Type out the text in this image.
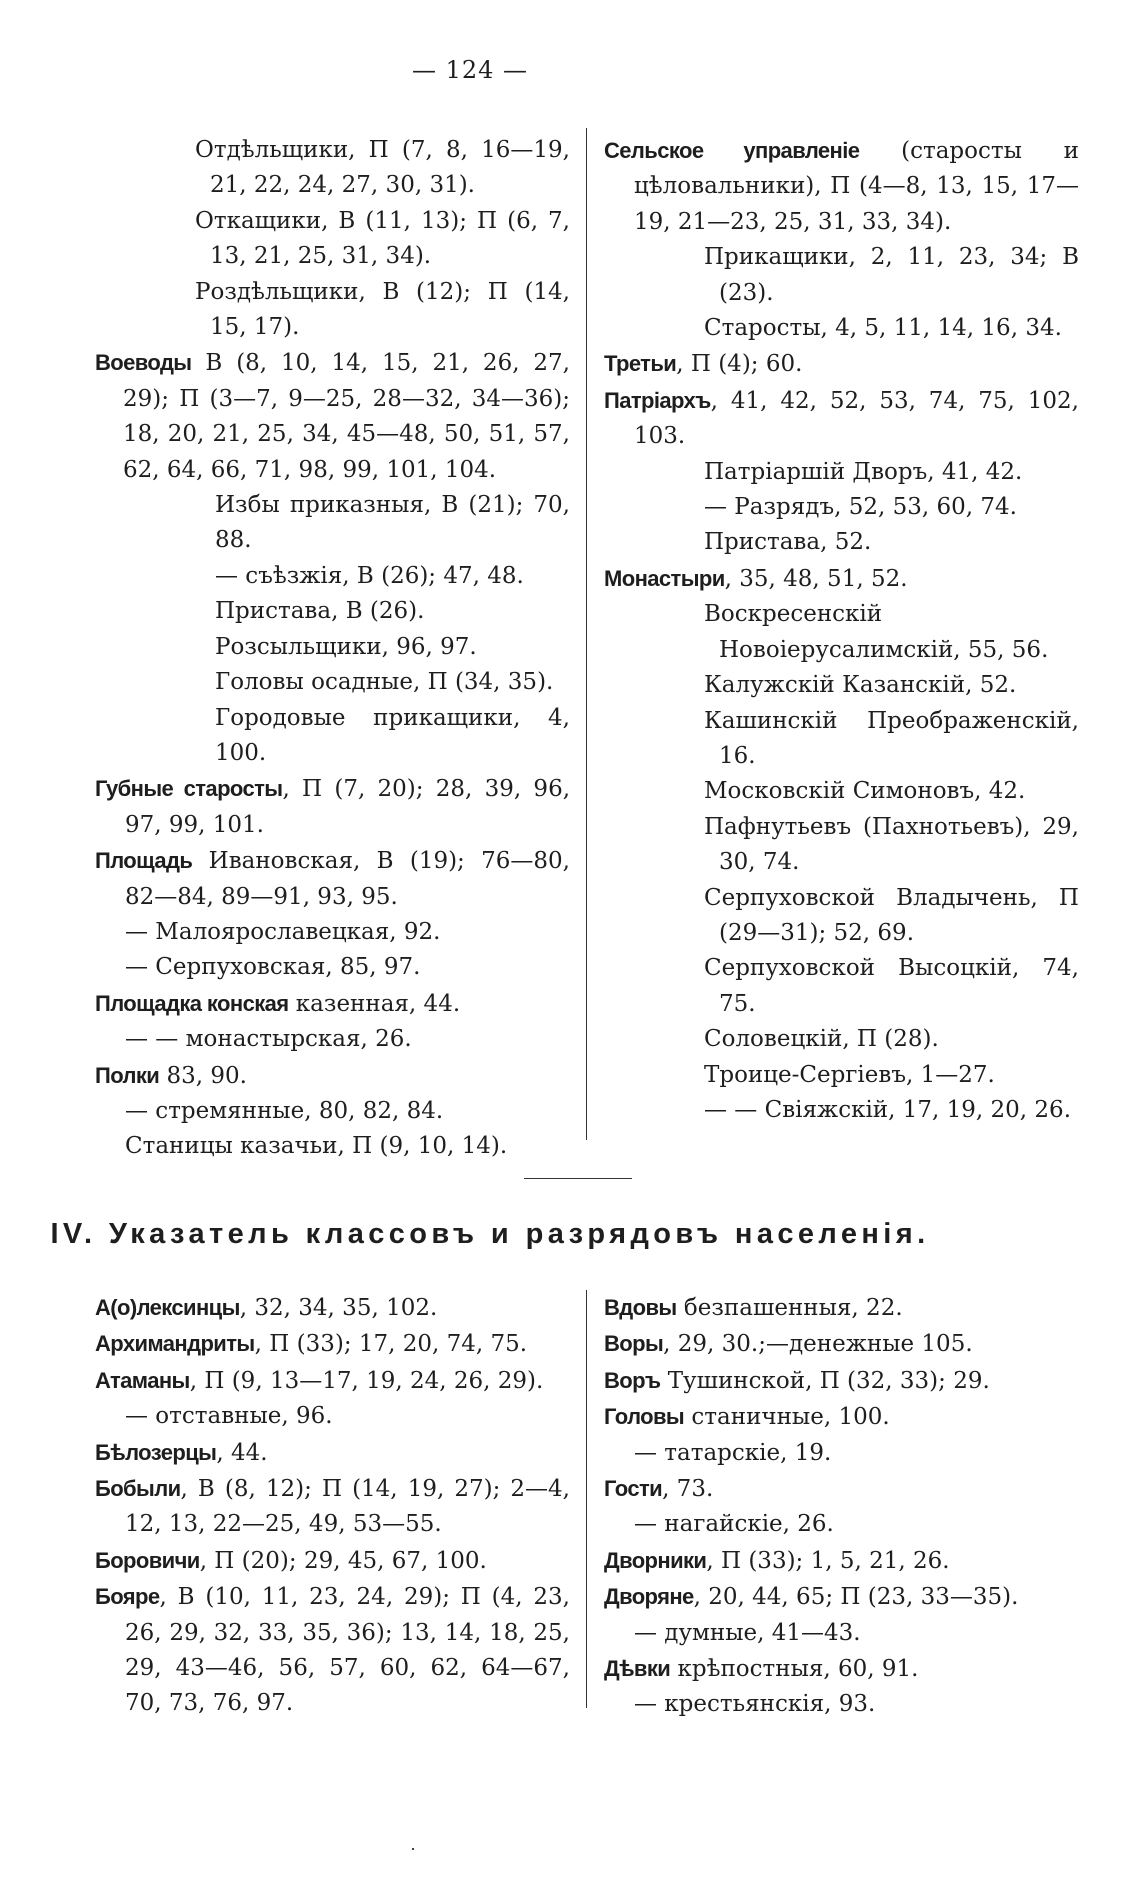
— 124 —
Отдѣльщики, П (7, 8, 16—19, 21, 22, 24, 27, 30, 31).
Откащики, В (11, 13); П (6, 7, 13, 21, 25, 31, 34).
Роздѣльщики, В (12); П (14, 15, 17).
Воеводы В (8, 10, 14, 15, 21, 26, 27, 29); П (3—7, 9—25, 28—32, 34—36); 18, 20, 21, 25, 34, 45—48, 50, 51, 57, 62, 64, 66, 71, 98, 99, 101, 104.
Избы приказныя, В (21); 70, 88.
— съѣзжія, В (26); 47, 48.
Пристава, В (26).
Розсыльщики, 96, 97.
Головы осадные, П (34, 35).
Городовые прикащики, 4, 100.
Губные старосты, П (7, 20); 28, 39, 96, 97, 99, 101.
Площадь Ивановская, В (19); 76—80, 82—84, 89—91, 93, 95.
— Малоярославецкая, 92.
— Серпуховская, 85, 97.
Площадка конская казенная, 44.
— — монастырская, 26.
Полки 83, 90.
— стремянные, 80, 82, 84.
Станицы казачьи, П (9, 10, 14).
Сельское управленіе (старосты и цѣловальники), П (4—8, 13, 15, 17—19, 21—23, 25, 31, 33, 34).
Прикащики, 2, 11, 23, 34; В (23).
Старосты, 4, 5, 11, 14, 16, 34.
Третьи, П (4); 60.
Патріархъ, 41, 42, 52, 53, 74, 75, 102, 103.
Патріаршій Дворъ, 41, 42.
— Разрядъ, 52, 53, 60, 74.
Пристава, 52.
Монастыри, 35, 48, 51, 52.
Воскресенскій Новоіерусалимскій, 55, 56.
Калужскій Казанскій, 52.
Кашинскій Преображенскій, 16.
Московскій Симоновъ, 42.
Пафнутьевъ (Пахнотьевъ), 29, 30, 74.
Серпуховской Владычень, П (29—31); 52, 69.
Серпуховской Высоцкій, 74, 75.
Соловецкій, П (28).
Троице-Сергіевъ, 1—27.
— — Свіяжскій, 17, 19, 20, 26.
IV. Указатель классовъ и разрядовъ населенія.
А(о)лексинцы, 32, 34, 35, 102.
Архимандриты, П (33); 17, 20, 74, 75.
Атаманы, П (9, 13—17, 19, 24, 26, 29).
— отставные, 96.
Бѣлозерцы, 44.
Бобыли, В (8, 12); П (14, 19, 27); 2—4, 12, 13, 22—25, 49, 53—55.
Боровичи, П (20); 29, 45, 67, 100.
Бояре, В (10, 11, 23, 24, 29); П (4, 23, 26, 29, 32, 33, 35, 36); 13, 14, 18, 25, 29, 43—46, 56, 57, 60, 62, 64—67, 70, 73, 76, 97.
Вдовы безпашенныя, 22.
Воры, 29, 30.;—денежные 105.
Воръ Тушинской, П (32, 33); 29.
Головы станичные, 100.
— татарскіе, 19.
Гости, 73.
— нагайскіе, 26.
Дворники, П (33); 1, 5, 21, 26.
Дворяне, 20, 44, 65; П (23, 33—35).
— думные, 41—43.
Дѣвки крѣпостныя, 60, 91.
— крестьянскія, 93.
